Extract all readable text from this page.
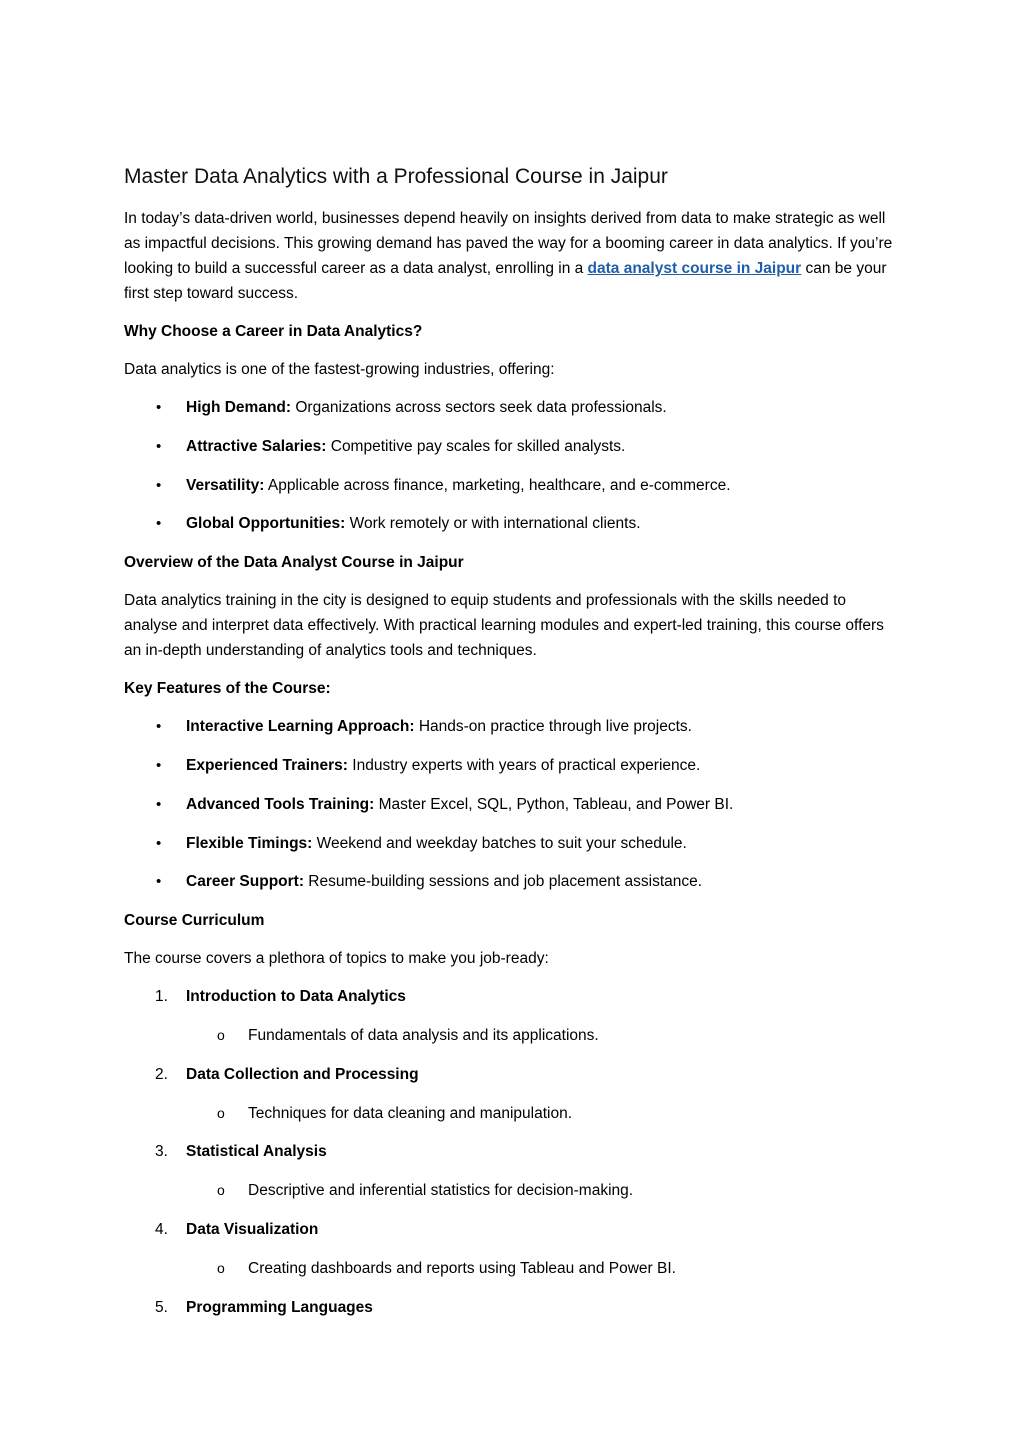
Master Data Analytics with a Professional Course in Jaipur

In today’s data-driven world, businesses depend heavily on insights derived from data to make strategic as well as impactful decisions. This growing demand has paved the way for a booming career in data analytics. If you’re looking to build a successful career as a data analyst, enrolling in a data analyst course in Jaipur can be your first step toward success.

Why Choose a Career in Data Analytics?

Data analytics is one of the fastest-growing industries, offering:

• High Demand: Organizations across sectors seek data professionals.
• Attractive Salaries: Competitive pay scales for skilled analysts.
• Versatility: Applicable across finance, marketing, healthcare, and e-commerce.
• Global Opportunities: Work remotely or with international clients.

Overview of the Data Analyst Course in Jaipur

Data analytics training in the city is designed to equip students and professionals with the skills needed to analyse and interpret data effectively. With practical learning modules and expert-led training, this course offers an in-depth understanding of analytics tools and techniques.

Key Features of the Course:

• Interactive Learning Approach: Hands-on practice through live projects.
• Experienced Trainers: Industry experts with years of practical experience.
• Advanced Tools Training: Master Excel, SQL, Python, Tableau, and Power BI.
• Flexible Timings: Weekend and weekday batches to suit your schedule.
• Career Support: Resume-building sessions and job placement assistance.

Course Curriculum

The course covers a plethora of topics to make you job-ready:

1. Introduction to Data Analytics
o Fundamentals of data analysis and its applications.
2. Data Collection and Processing
o Techniques for data cleaning and manipulation.
3. Statistical Analysis
o Descriptive and inferential statistics for decision-making.
4. Data Visualization
o Creating dashboards and reports using Tableau and Power BI.
5. Programming Languages
